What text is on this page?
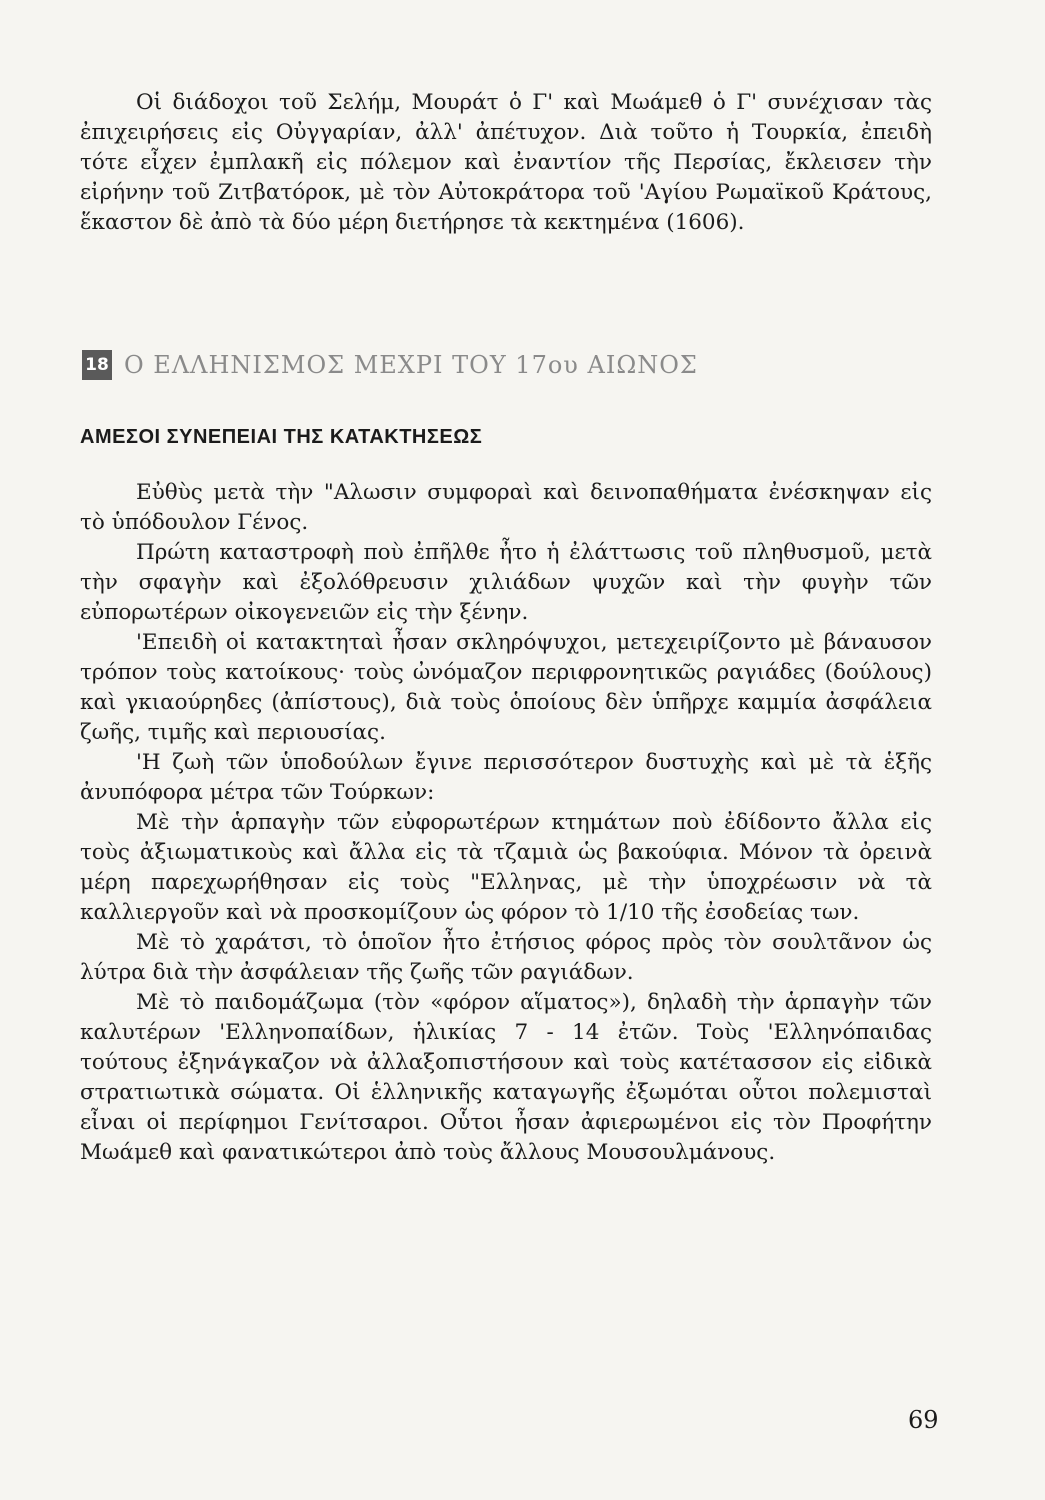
Οἱ διάδοχοι τοῦ Σελήμ, Μουράτ ὁ Γ' καὶ Μωάμεθ ὁ Γ' συνέχισαν τὰς ἐπιχειρήσεις εἰς Οὐγγαρίαν, ἀλλ' ἀπέτυχον. Διὰ τοῦτο ἡ Τουρκία, ἐπειδὴ τότε εἶχεν ἐμπλακῆ εἰς πόλεμον καὶ ἐναντίον τῆς Περσίας, ἔκλεισεν τὴν εἰρήνην τοῦ Ζιτβατόροκ, μὲ τὸν Αὐτοκράτορα τοῦ 'Αγίου Ρωμαϊκοῦ Κράτους, ἕκαστον δὲ ἀπὸ τὰ δύο μέρη διετήρησε τὰ κεκτημένα (1606).

18 Ο ΕΛΛΗΝΙΣΜΟΣ ΜΕΧΡΙ ΤΟΥ 17ου ΑΙΩΝΟΣ
ΑΜΕΣΟΙ ΣΥΝΕΠΕΙΑΙ ΤΗΣ ΚΑΤΑΚΤΗΣΕΩΣ

Εὐθὺς μετὰ τὴν "Αλωσιν συμφοραὶ καὶ δεινοπαθήματα ἐνέσκηψαν εἰς τὸ ὑπόδουλον Γένος.

Πρώτη καταστροφὴ ποὺ ἐπῆλθε ἦτο ἡ ἐλάττωσις τοῦ πληθυσμοῦ, μετὰ τὴν σφαγὴν καὶ ἐξολόθρευσιν χιλιάδων ψυχῶν καὶ τὴν φυγὴν τῶν εὐπορωτέρων οἰκογενειῶν εἰς τὴν ξένην.

'Επειδὴ οἱ κατακτηταὶ ἦσαν σκληρόψυχοι, μετεχειρίζοντο μὲ βάναυσον τρόπον τοὺς κατοίκους· τοὺς ὠνόμαζον περιφρονητικῶς ραγιάδες (δούλους) καὶ γκιαούρηδες (ἀπίστους), διὰ τοὺς ὁποίους δὲν ὑπῆρχε καμμία ἀσφάλεια ζωῆς, τιμῆς καὶ περιουσίας.

'Η ζωὴ τῶν ὑποδούλων ἔγινε περισσότερον δυστυχὴς καὶ μὲ τὰ ἑξῆς ἀνυπόφορα μέτρα τῶν Τούρκων:

Μὲ τὴν ἁρπαγὴν τῶν εὐφορωτέρων κτημάτων ποὺ ἐδίδοντο ἄλλα εἰς τοὺς ἀξιωματικοὺς καὶ ἄλλα εἰς τὰ τζαμιὰ ὡς βακούφια. Μόνον τὰ ὀρεινὰ μέρη παρεχωρήθησαν εἰς τοὺς "Ελληνας, μὲ τὴν ὑποχρέωσιν νὰ τὰ καλλιεργοῦν καὶ νὰ προσκομίζουν ὡς φόρον τὸ 1/10 τῆς ἐσοδείας των.

Μὲ τὸ χαράτσι, τὸ ὁποῖον ἦτο ἐτήσιος φόρος πρὸς τὸν σουλτᾶνον ὡς λύτρα διὰ τὴν ἀσφάλειαν τῆς ζωῆς τῶν ραγιάδων.

Μὲ τὸ παιδομάζωμα (τὸν «φόρον αἵματος»), δηλαδὴ τὴν ἁρπαγὴν τῶν καλυτέρων 'Ελληνοπαίδων, ἡλικίας 7 - 14 ἐτῶν. Τοὺς 'Ελληνόπαιδας τούτους ἐξηνάγκαζον νὰ ἀλλαξοπιστήσουν καὶ τοὺς κατέτασσον εἰς εἰδικὰ στρατιωτικὰ σώματα. Οἱ ἑλληνικῆς καταγωγῆς ἐξωμόται οὗτοι πολεμισταὶ εἶναι οἱ περίφημοι Γενίτσαροι. Οὗτοι ἦσαν ἀφιερωμένοι εἰς τὸν Προφήτην Μωάμεθ καὶ φανατικώτεροι ἀπὸ τοὺς ἄλλους Μουσουλμάνους.

69
